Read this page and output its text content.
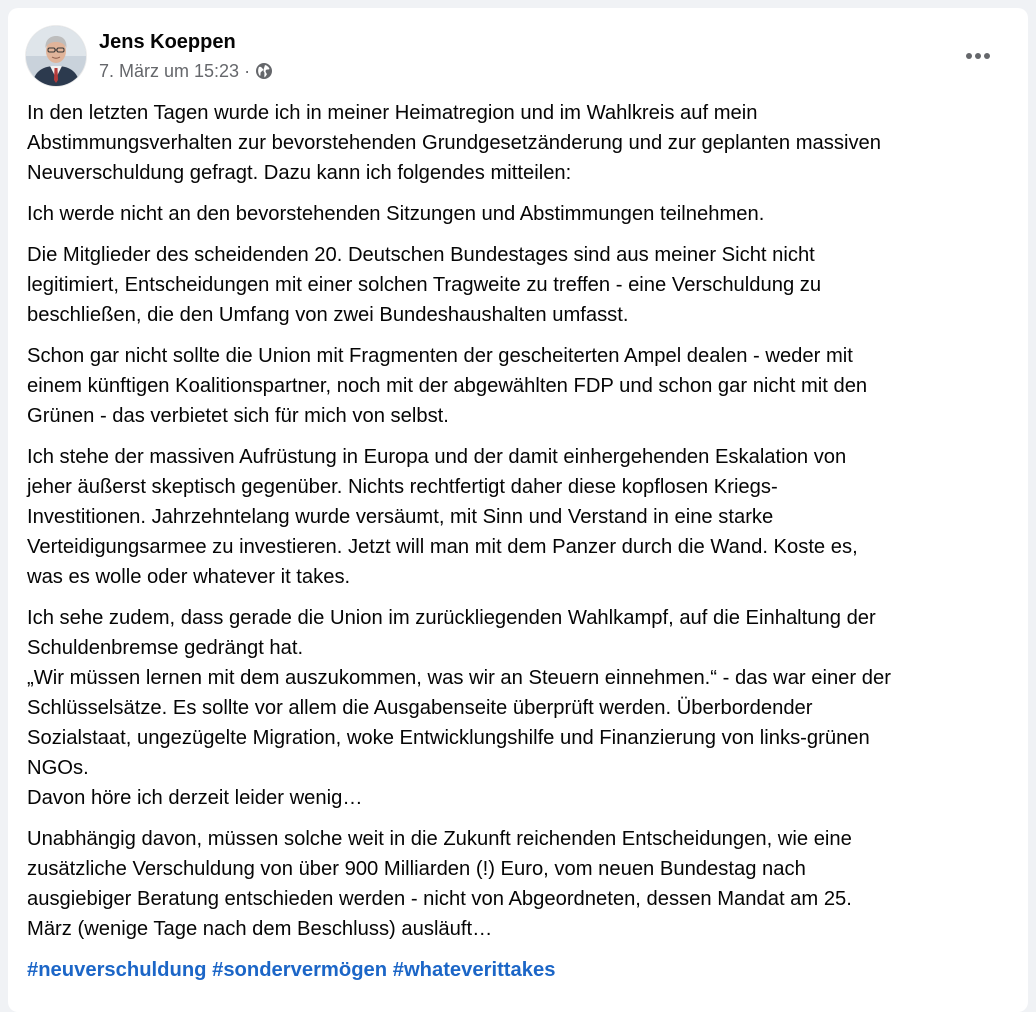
Jens Koeppen
7. März um 15:23 ·

In den letzten Tagen wurde ich in meiner Heimatregion und im Wahlkreis auf mein
Abstimmungsverhalten zur bevorstehenden Grundgesetzänderung und zur geplanten massiven
Neuverschuldung gefragt. Dazu kann ich folgendes mitteilen:

Ich werde nicht an den bevorstehenden Sitzungen und Abstimmungen teilnehmen.

Die Mitglieder des scheidenden 20. Deutschen Bundestages sind aus meiner Sicht nicht
legitimiert, Entscheidungen mit einer solchen Tragweite zu treffen - eine Verschuldung zu
beschließen, die den Umfang von zwei Bundeshaushalten umfasst.

Schon gar nicht sollte die Union mit Fragmenten der gescheiterten Ampel dealen - weder mit
einem künftigen Koalitionspartner, noch mit der abgewählten FDP und schon gar nicht mit den
Grünen - das verbietet sich für mich von selbst.

Ich stehe der massiven Aufrüstung in Europa und der damit einhergehenden Eskalation von
jeher äußerst skeptisch gegenüber. Nichts rechtfertigt daher diese kopflosen Kriegs-
Investitionen. Jahrzehntelang wurde versäumt, mit Sinn und Verstand in eine starke
Verteidigungsarmee zu investieren. Jetzt will man mit dem Panzer durch die Wand. Koste es,
was es wolle oder whatever it takes.

Ich sehe zudem, dass gerade die Union im zurückliegenden Wahlkampf, auf die Einhaltung der
Schuldenbremse gedrängt hat.
„Wir müssen lernen mit dem auszukommen, was wir an Steuern einnehmen.“ - das war einer der
Schlüsselsätze. Es sollte vor allem die Ausgabenseite überprüft werden. Überbordender
Sozialstaat, ungezügelte Migration, woke Entwicklungshilfe und Finanzierung von links-grünen
NGOs.
Davon höre ich derzeit leider wenig…

Unabhängig davon, müssen solche weit in die Zukunft reichenden Entscheidungen, wie eine
zusätzliche Verschuldung von über 900 Milliarden (!) Euro, vom neuen Bundestag nach
ausgiebiger Beratung entschieden werden - nicht von Abgeordneten, dessen Mandat am 25.
März (wenige Tage nach dem Beschluss) ausläuft…

#neuverschuldung #sondervermögen #whateverittakes
